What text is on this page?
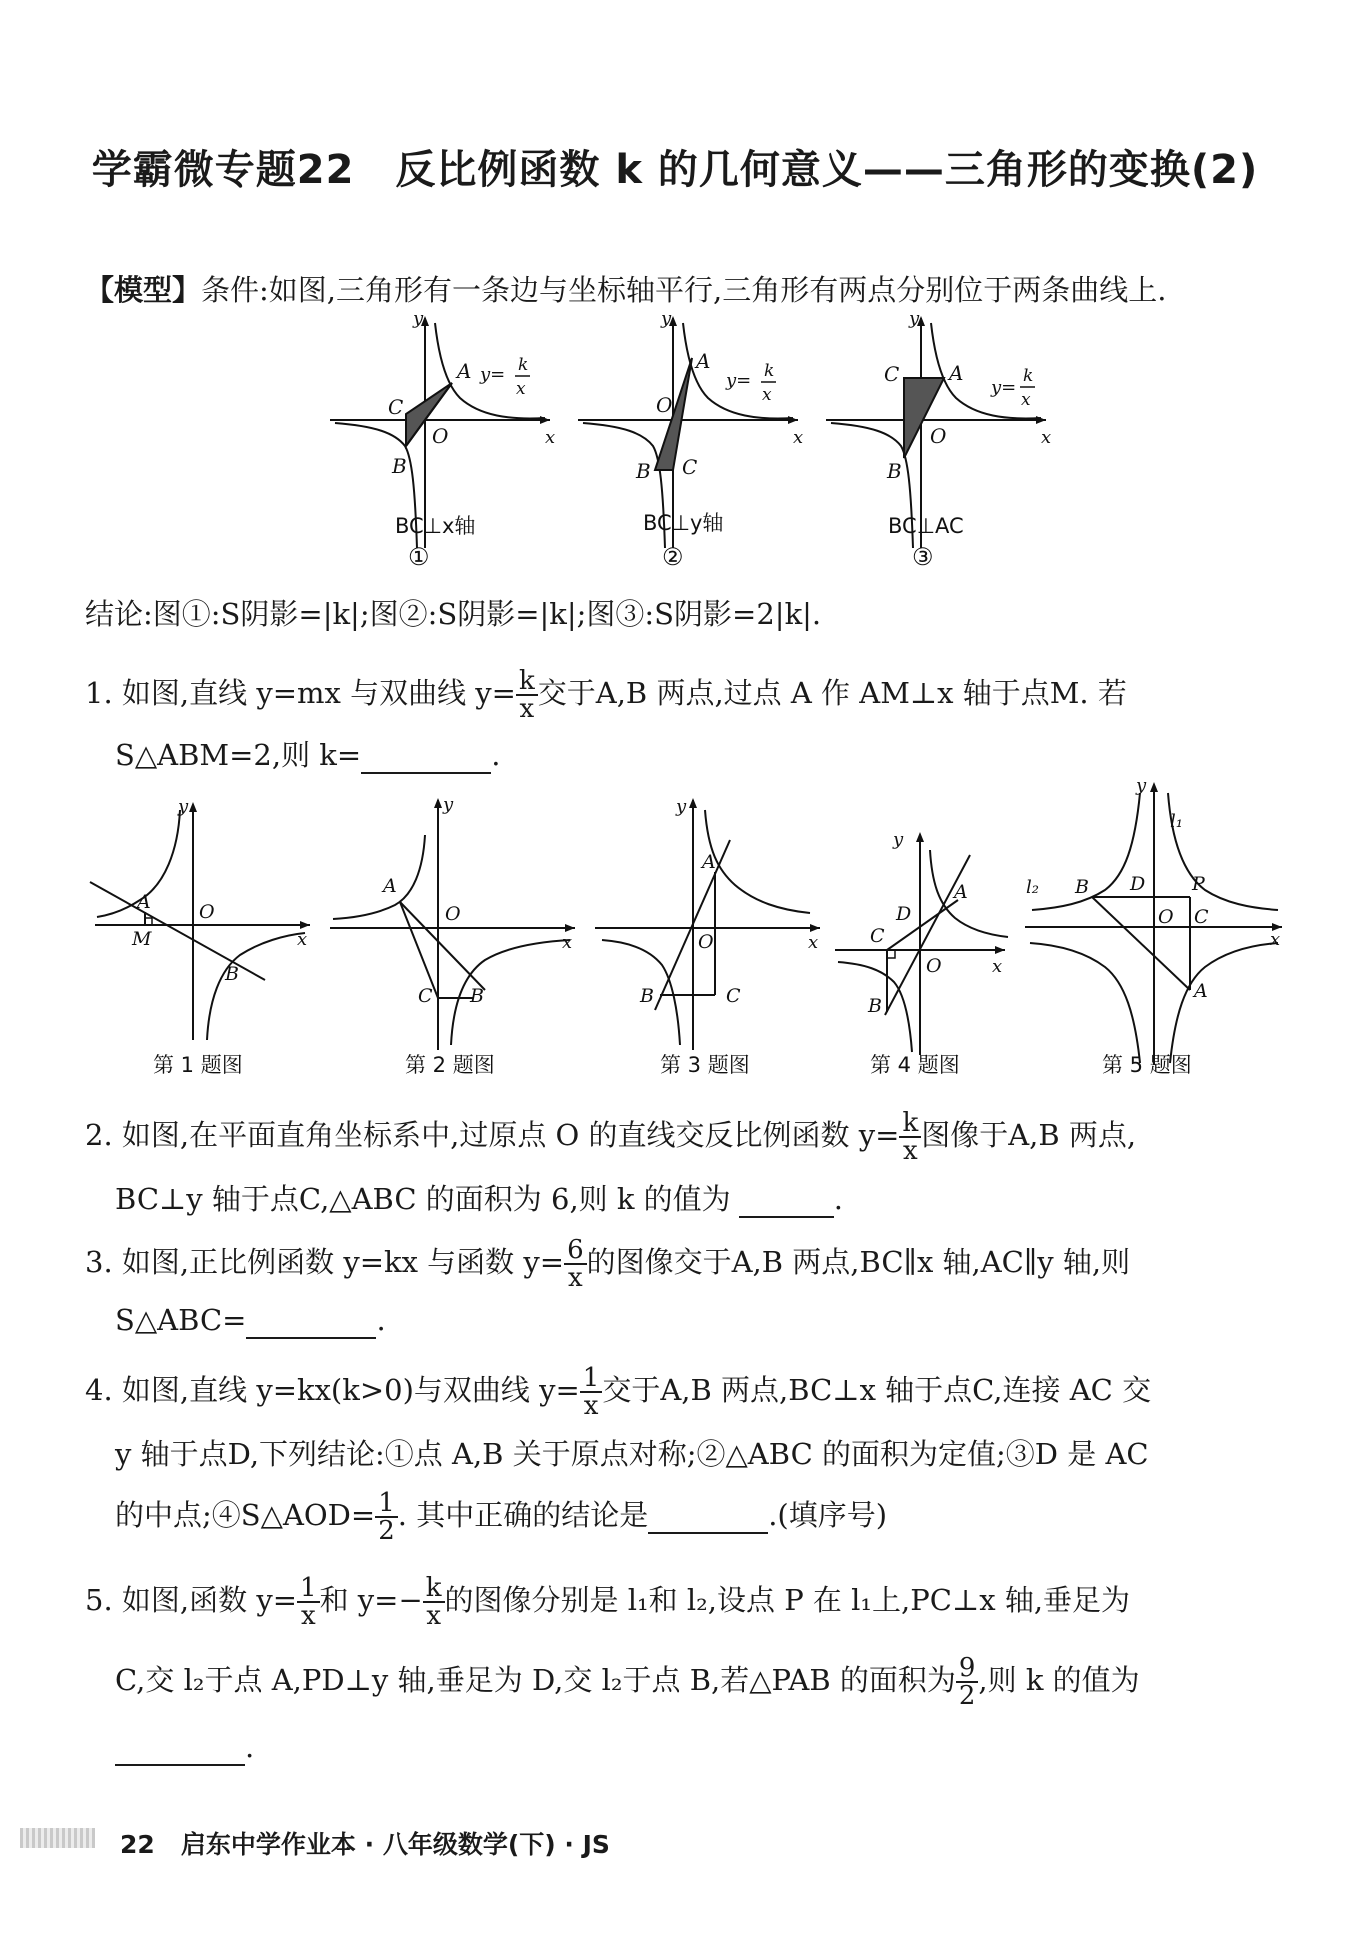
学霸微专题22　反比例函数 k 的几何意义——三角形的变换(2)
【模型】条件:如图,三角形有一条边与坐标轴平行,三角形有两点分别位于两条曲线上.
y
x
A
C
O
B
y= k
x
BC⊥x轴
①
y
x
A
O
B C
y= k
x
BC⊥y轴
②
y
x
C A
O
B
y=
k
x
BC⊥AC
③
结论:图①:S阴影=|k|;图②:S阴影=|k|;图③:S阴影=2|k|.
1. 如图,直线 y=mx 与双曲线 $y= \frac{k}{x}$ 交于A,B 两点,过点 A 作 AM⊥x 轴于点M. 若
S△ABM=2,则 k=	.
y
A	O
M	x
B
第 1 题图
y
A
O
x
C B
第 2 题图
y
A
O	x
B	C
第 3 题图
y
A
D
C
O	x
B
第 4 题图
y
l₁
l₂ B D P
O C
x
A
第 5 题图
2. 如图,在平面直角坐标系中,过原点 O 的直线交反比例函数 $y= \frac{k}{x}$ 图像于A,B 两点,
BC⊥y 轴于点C,△ABC 的面积为 6,则 k 的值为	.
3. 如图,正比例函数 y=kx 与函数 $y= \frac{6}{x}$ 的图像交于A,B 两点,BC∥x 轴,AC∥y 轴,则
S△ABC=	.
4. 如图,直线 y=kx(k>0)与双曲线 $y= \frac{1}{x}$ 交于A,B 两点,BC⊥x 轴于点C,连接 AC 交
y 轴于点D,下列结论:①点 A,B 关于原点对称;②△ABC 的面积为定值;③D 是 AC
的中点;④S△AOD= $\frac{1}{2}$ . 其中正确的结论是	.(填序号)
5. 如图,函数 $y= \frac{1}{x}$ 和 $y=- \frac{k}{x}$ 的图像分别是 l₁和 l₂,设点 P 在 l₁上,PC⊥x 轴,垂足为
C,交 l₂于点 A,PD⊥y 轴,垂足为 D,交 l₂于点 B,若△PAB 的面积为 $\frac{9}{2}$ ,则 k 的值为
.
22 启东中学作业本 · 八年级数学(下) · JS
